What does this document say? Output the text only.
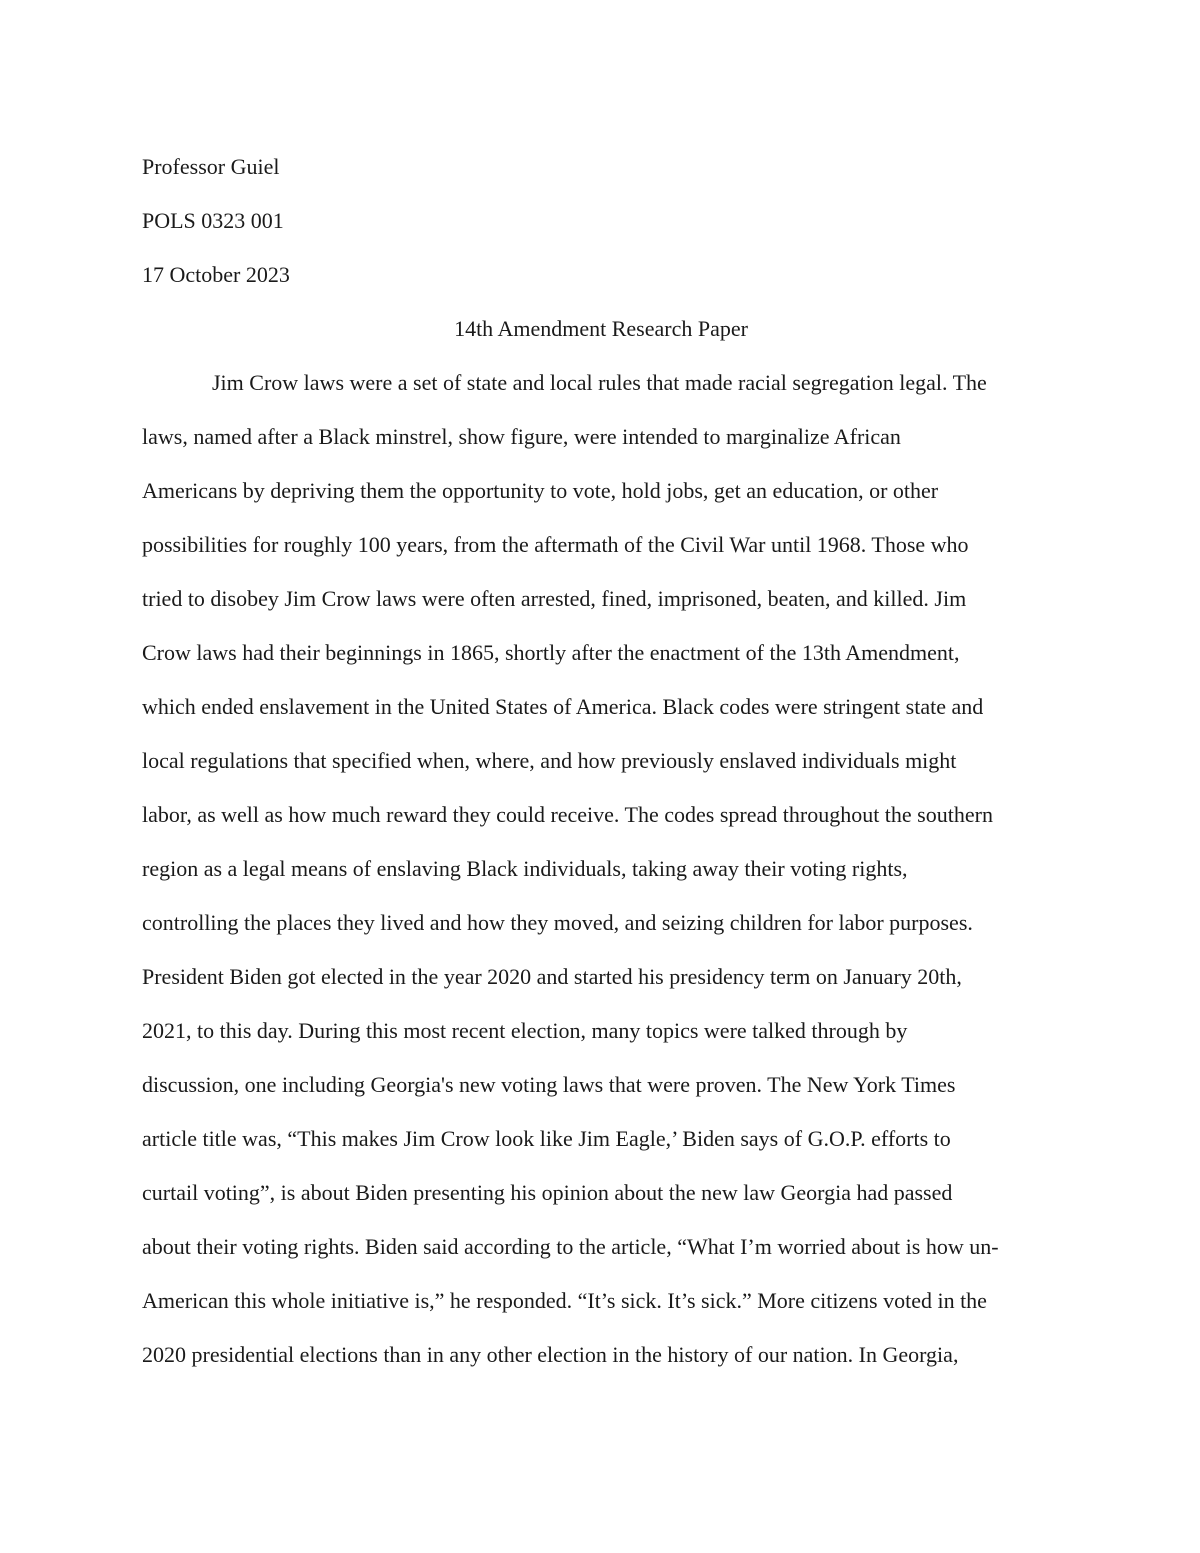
Professor Guiel
POLS 0323 001
17 October 2023
14th Amendment Research Paper
Jim Crow laws were a set of state and local rules that made racial segregation legal. The
laws, named after a Black minstrel, show figure, were intended to marginalize African
Americans by depriving them the opportunity to vote, hold jobs, get an education, or other
possibilities for roughly 100 years, from the aftermath of the Civil War until 1968. Those who
tried to disobey Jim Crow laws were often arrested, fined, imprisoned, beaten, and killed. Jim
Crow laws had their beginnings in 1865, shortly after the enactment of the 13th Amendment,
which ended enslavement in the United States of America. Black codes were stringent state and
local regulations that specified when, where, and how previously enslaved individuals might
labor, as well as how much reward they could receive. The codes spread throughout the southern
region as a legal means of enslaving Black individuals, taking away their voting rights,
controlling the places they lived and how they moved, and seizing children for labor purposes.
President Biden got elected in the year 2020 and started his presidency term on January 20th,
2021, to this day. During this most recent election, many topics were talked through by
discussion, one including Georgia's new voting laws that were proven. The New York Times
article title was, “This makes Jim Crow look like Jim Eagle,’ Biden says of G.O.P. efforts to
curtail voting”, is about Biden presenting his opinion about the new law Georgia had passed
about their voting rights. Biden said according to the article, “What I’m worried about is how un-
American this whole initiative is,” he responded. “It’s sick. It’s sick.” More citizens voted in the
2020 presidential elections than in any other election in the history of our nation. In Georgia,
